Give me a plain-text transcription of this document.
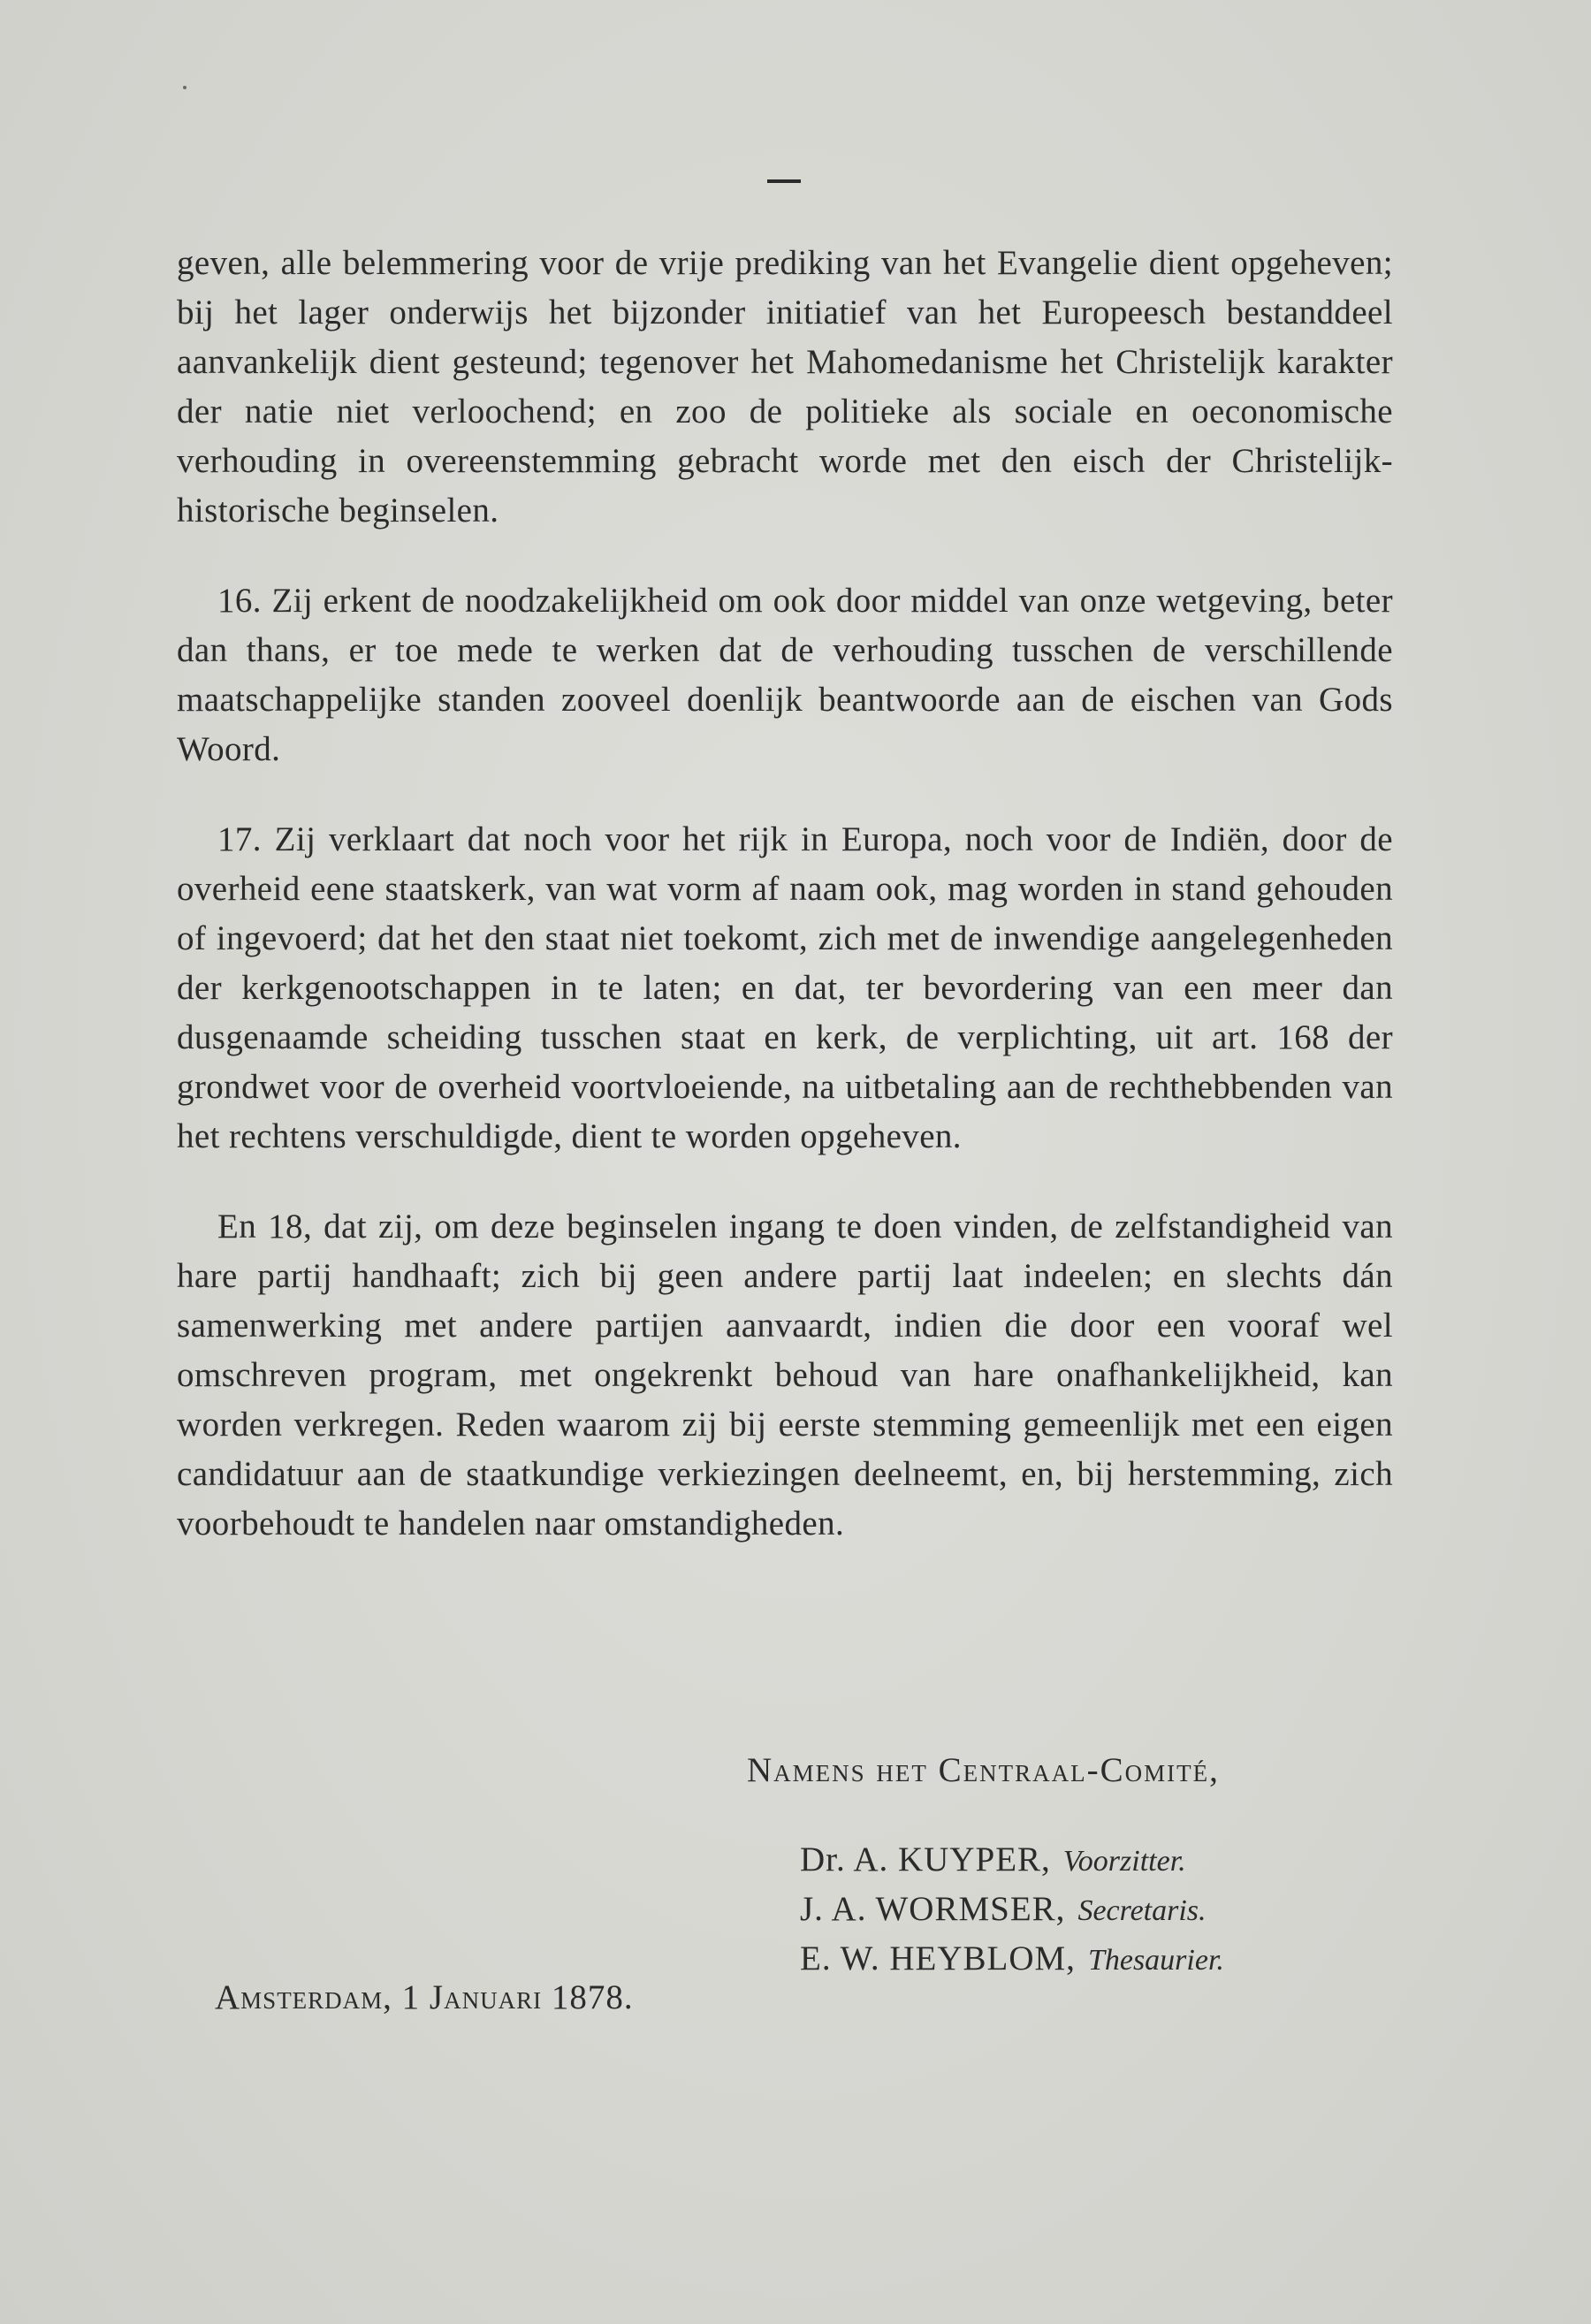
geven, alle belemmering voor de vrije prediking van het Evangelie dient opgeheven; bij het lager onderwijs het bijzonder initiatief van het Europeesch bestanddeel aanvankelijk dient gesteund; tegenover het Mahomedanisme het Christelijk karakter der natie niet verloochend; en zoo de politieke als sociale en oeconomische verhouding in overeenstemming gebracht worde met den eisch der Christelijk-historische beginselen.

16. Zij erkent de noodzakelijkheid om ook door middel van onze wetgeving, beter dan thans, er toe mede te werken dat de verhouding tusschen de verschillende maatschappelijke standen zooveel doenlijk beantwoorde aan de eischen van Gods Woord.

17. Zij verklaart dat noch voor het rijk in Europa, noch voor de Indiën, door de overheid eene staatskerk, van wat vorm af naam ook, mag worden in stand gehouden of ingevoerd; dat het den staat niet toekomt, zich met de inwendige aangelegenheden der kerkgenootschappen in te laten; en dat, ter bevordering van een meer dan dusgenaamde scheiding tusschen staat en kerk, de verplichting, uit art. 168 der grondwet voor de overheid voortvloeiende, na uitbetaling aan de rechthebbenden van het rechtens verschuldigde, dient te worden opgeheven.

En 18, dat zij, om deze beginselen ingang te doen vinden, de zelfstandigheid van hare partij handhaaft; zich bij geen andere partij laat indeelen; en slechts dán samenwerking met andere partijen aanvaardt, indien die door een vooraf wel omschreven program, met ongekrenkt behoud van hare onafhankelijkheid, kan worden verkregen. Reden waarom zij bij eerste stemming gemeenlijk met een eigen candidatuur aan de staatkundige verkiezingen deelneemt, en, bij herstemming, zich voorbehoudt te handelen naar omstandigheden.

Namens het Centraal-Comité,

Dr. A. KUYPER, Voorzitter.
J. A. WORMSER, Secretaris.
E. W. HEYBLOM, Thesaurier.
Amsterdam, 1 Januari 1878.
